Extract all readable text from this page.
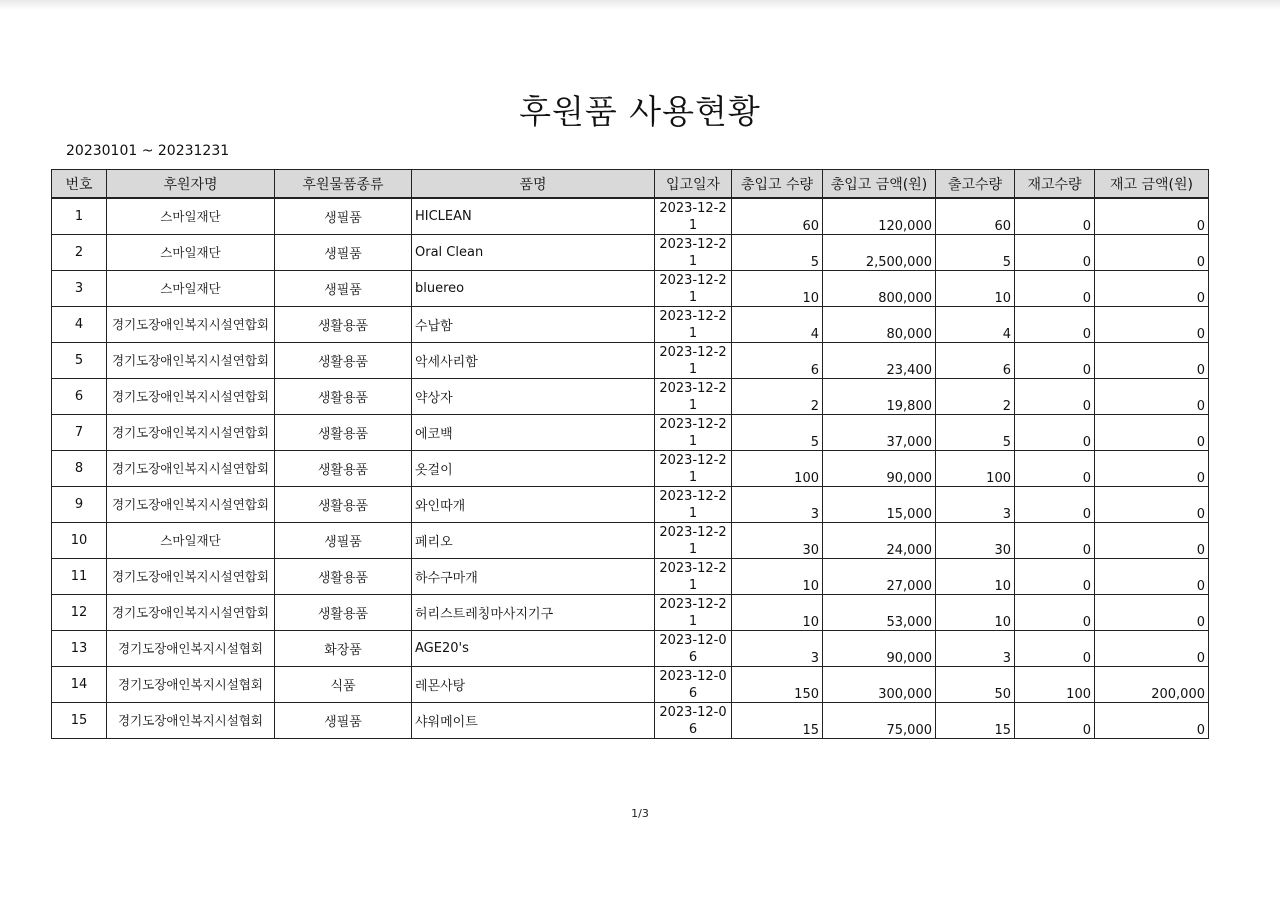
후원품 사용현황
20230101 ~ 20231231
번호	후원자명	후원물품종류	품명	입고일자	총입고 수량	총입고 금액(원)	출고수량	재고수량	재고 금액(원)
1	스마일재단	생필품	HICLEAN	2023-12-21	60	120,000	60	0	0
2	스마일재단	생필품	Oral Clean	2023-12-21	5	2,500,000	5	0	0
3	스마일재단	생필품	bluereo	2023-12-21	10	800,000	10	0	0
4	경기도장애인복지시설연합회	생활용품	수납함	2023-12-21	4	80,000	4	0	0
5	경기도장애인복지시설연합회	생활용품	악세사리함	2023-12-21	6	23,400	6	0	0
6	경기도장애인복지시설연합회	생활용품	약상자	2023-12-21	2	19,800	2	0	0
7	경기도장애인복지시설연합회	생활용품	에코백	2023-12-21	5	37,000	5	0	0
8	경기도장애인복지시설연합회	생활용품	옷걸이	2023-12-21	100	90,000	100	0	0
9	경기도장애인복지시설연합회	생활용품	와인따개	2023-12-21	3	15,000	3	0	0
10	스마일재단	생필품	페리오	2023-12-21	30	24,000	30	0	0
11	경기도장애인복지시설연합회	생활용품	하수구마개	2023-12-21	10	27,000	10	0	0
12	경기도장애인복지시설연합회	생활용품	허리스트레칭마사지기구	2023-12-21	10	53,000	10	0	0
13	경기도장애인복지시설협회	화장품	AGE20's	2023-12-06	3	90,000	3	0	0
14	경기도장애인복지시설협회	식품	레몬사탕	2023-12-06	150	300,000	50	100	200,000
15	경기도장애인복지시설협회	생필품	샤워메이트	2023-12-06	15	75,000	15	0	0
1/3
